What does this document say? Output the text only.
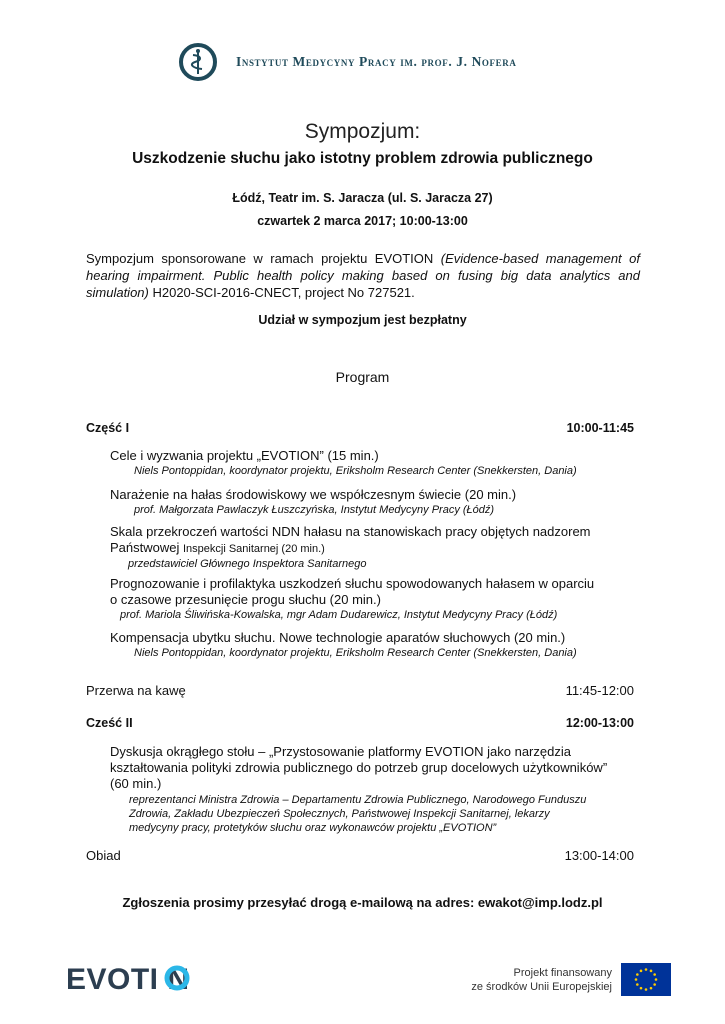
Instytut Medycyny Pracy im. prof. J. Nofera
Sympozjum:
Uszkodzenie słuchu jako istotny problem zdrowia publicznego
Łódź, Teatr im. S. Jaracza (ul. S. Jaracza 27)
czwartek 2 marca 2017; 10:00-13:00
Sympozjum sponsorowane w ramach projektu EVOTION (Evidence-based management of hearing impairment. Public health policy making based on fusing big data analytics and simulation) H2020-SCI-2016-CNECT, project No 727521.
Udział w sympozjum jest bezpłatny
Program
Część I	10:00-11:45
Cele i wyzwania projektu „EVOTION” (15 min.)
Niels Pontoppidan, koordynator projektu, Eriksholm Research Center (Snekkersten, Dania)
Narażenie na hałas środowiskowy we współczesnym świecie (20 min.)
prof. Małgorzata Pawlaczyk Łuszczyńska, Instytut Medycyny Pracy (Łódź)
Skala przekroczeń wartości NDN hałasu na stanowiskach pracy objętych nadzorem
Państwowej Inspekcji Sanitarnej (20 min.)
przedstawiciel Głównego Inspektora Sanitarnego
Prognozowanie i profilaktyka uszkodzeń słuchu spowodowanych hałasem w oparciu
o czasowe przesunięcie progu słuchu (20 min.)
prof. Mariola Śliwińska-Kowalska, mgr Adam Dudarewicz, Instytut Medycyny Pracy (Łódź)
Kompensacja ubytku słuchu. Nowe technologie aparatów słuchowych (20 min.)
Niels Pontoppidan, koordynator projektu, Eriksholm Research Center (Snekkersten, Dania)
Przerwa na kawę	11:45-12:00
Cześć II	12:00-13:00
Dyskusja okrągłego stołu – „Przystosowanie platformy EVOTION jako narzędzia
kształtowania polityki zdrowia publicznego do potrzeb grup docelowych użytkowników”
(60 min.)
reprezentanci Ministra Zdrowia – Departamentu Zdrowia Publicznego, Narodowego Funduszu
Zdrowia, Zakładu Ubezpieczeń Społecznych, Państwowej Inspekcji Sanitarnej, lekarzy
medycyny pracy, protetyków słuchu oraz wykonawców projektu „EVOTION”
Obiad	13:00-14:00
Zgłoszenia prosimy przesyłać drogą e-mailową na adres: ewakot@imp.lodz.pl
EVOTI N	Projekt finansowany
ze środków Unii Europejskiej
